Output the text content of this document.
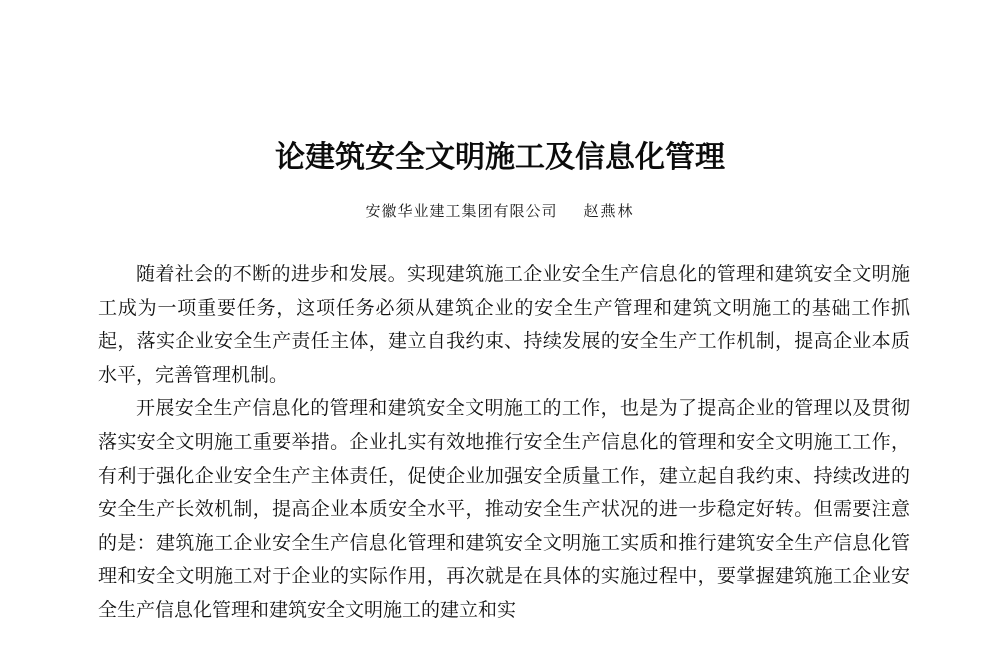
论建筑安全文明施工及信息化管理
安徽华业建工集团有限公司 赵燕林

随着社会的不断的进步和发展。实现建筑施工企业安全生产信息化的管理和建筑安全文明施工成为一项重要任务，这项任务必须从建筑企业的安全生产管理和建筑文明施工的基础工作抓起，落实企业安全生产责任主体，建立自我约束、持续发展的安全生产工作机制，提高企业本质水平，完善管理机制。

开展安全生产信息化的管理和建筑安全文明施工的工作，也是为了提高企业的管理以及贯彻落实安全文明施工重要举措。企业扎实有效地推行安全生产信息化的管理和安全文明施工工作，有利于强化企业安全生产主体责任，促使企业加强安全质量工作，建立起自我约束、持续改进的安全生产长效机制，提高企业本质安全水平，推动安全生产状况的进一步稳定好转。但需要注意的是：建筑施工企业安全生产信息化管理和建筑安全文明施工实质和推行建筑安全生产信息化管理和安全文明施工对于企业的实际作用，再次就是在具体的实施过程中，要掌握建筑施工企业安全生产信息化管理和建筑安全文明施工的建立和实
